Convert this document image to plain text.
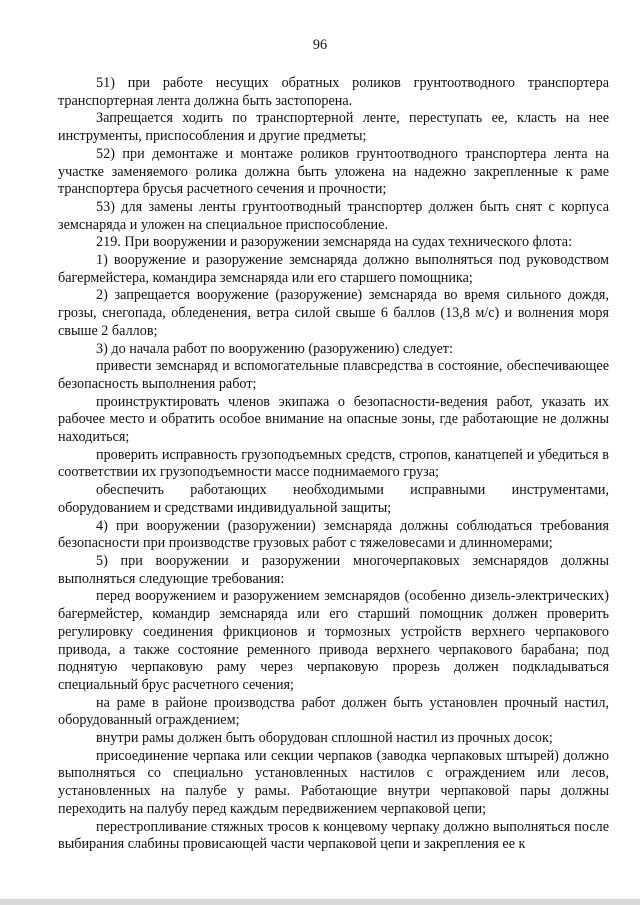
96

51) при работе несущих обратных роликов грунтоотводного транспортера транспортерная лента должна быть застопорена.

Запрещается ходить по транспортерной ленте, переступать ее, класть на нее инструменты, приспособления и другие предметы;

52) при демонтаже и монтаже роликов грунтоотводного транспортера лента на участке заменяемого ролика должна быть уложена на надежно закрепленные к раме транспортера брусья расчетного сечения и прочности;

53) для замены ленты грунтоотводный транспортер должен быть снят с корпуса земснаряда и уложен на специальное приспособление.

219. При вооружении и разоружении земснаряда на судах технического флота:

1) вооружение и разоружение земснаряда должно выполняться под руководством багермейстера, командира земснаряда или его старшего помощника;

2) запрещается вооружение (разоружение) земснаряда во время сильного дождя, грозы, снегопада, обледенения, ветра силой свыше 6 баллов (13,8 м/с) и волнения моря свыше 2 баллов;

3) до начала работ по вооружению (разоружению) следует:

привести земснаряд и вспомогательные плавсредства в состояние, обеспечивающее безопасность выполнения работ;

проинструктировать членов экипажа о безопасности-ведения работ, указать их рабочее место и обратить особое внимание на опасные зоны, где работающие не должны находиться;

проверить исправность грузоподъемных средств, стропов, канатцепей и убедиться в соответствии их грузоподъемности массе поднимаемого груза;

обеспечить работающих необходимыми исправными инструментами, оборудованием и средствами индивидуальной защиты;

4) при вооружении (разоружении) земснаряда должны соблюдаться требования безопасности при производстве грузовых работ с тяжеловесами и длинномерами;

5) при вооружении и разоружении многочерпаковых земснарядов должны выполняться следующие требования:

перед вооружением и разоружением земснарядов (особенно дизель-электрических) багермейстер, командир земснаряда или его старший помощник должен проверить регулировку соединения фрикционов и тормозных устройств верхнего черпакового привода, а также состояние ременного привода верхнего черпакового барабана; под поднятую черпаковую раму через черпаковую прорезь должен подкладываться специальный брус расчетного сечения;

на раме в районе производства работ должен быть установлен прочный настил, оборудованный ограждением;

внутри рамы должен быть оборудован сплошной настил из прочных досок;

присоединение черпака или секции черпаков (заводка черпаковых штырей) должно выполняться со специально установленных настилов с ограждением или лесов, установленных на палубе у рамы. Работающие внутри черпаковой пары должны переходить на палубу перед каждым передвижением черпаковой цепи;

перестропливание стяжных тросов к концевому черпаку должно выполняться после выбирания слабины провисающей части черпаковой цепи и закрепления ее к
